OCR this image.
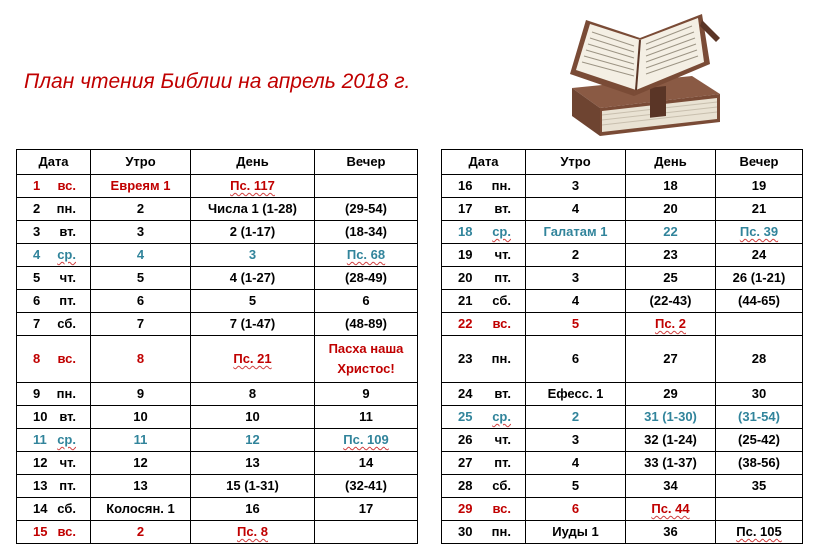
План чтения Библии на апрель 2018 г.
Дата	Утро	День	Вечер

1 вс.	Евреям 1	Пс. 117	

2 пн.	2	Числа 1 (1-28)	(29-54)

3 вт.	3	2 (1-17)	(18-34)

4 ср.	4	3	Пс. 68

5 чт.	5	4 (1-27)	(28-49)

6 пт.	6	5	6

7 сб.	7	7 (1-47)	(48-89)

8 вс.	8	Пс. 21	Пасха наша Христос!

9 пн.	9	8	9

10 вт.	10	10	11

11 ср.	11	12	Пс. 109

12 чт.	12	13	14

13 пт.	13	15 (1-31)	(32-41)

14 сб.	Колосян. 1	16	17

15 вс.	2	Пс. 8	
Дата	Утро	День	Вечер

16 пн.	3	18	19

17 вт.	4	20	21

18 ср.	Галатам 1	22	Пс. 39

19 чт.	2	23	24

20 пт.	3	25	26 (1-21)

21 сб.	4	(22-43)	(44-65)

22 вс.	5	Пс. 2	

23 пн.	6	27	28

24 вт.	Ефесс. 1	29	30

25 ср.	2	31 (1-30)	(31-54)

26 чт.	3	32 (1-24)	(25-42)

27 пт.	4	33 (1-37)	(38-56)

28 сб.	5	34	35

29 вс.	6	Пс. 44	

30 пн.	Иуды 1	36	Пс. 105
